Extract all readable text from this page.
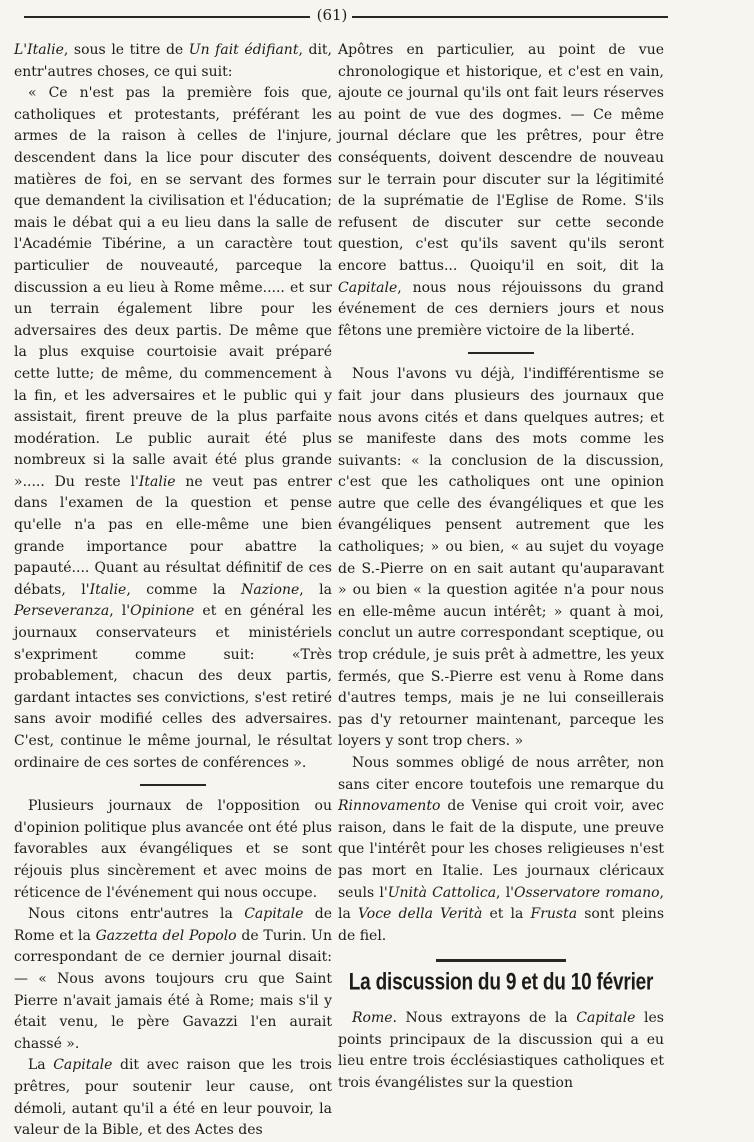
(61)

L'Italie, sous le titre de Un fait édifiant, dit, entr'autres choses, ce qui suit:

« Ce n'est pas la première fois que, catholiques et protestants, préférant les armes de la raison à celles de l'injure, descendent dans la lice pour discuter des matières de foi, en se servant des formes que demandent la civilisation et l'éducation; mais le débat qui a eu lieu dans la salle de l'Académie Tibérine, a un caractère tout particulier de nouveauté, parceque la discussion a eu lieu à Rome même..... et sur un terrain également libre pour les adversaires des deux partis. De même que la plus exquise courtoisie avait préparé cette lutte; de même, du commencement à la fin, et les adversaires et le public qui y assistait, firent preuve de la plus parfaite modération. Le public aurait été plus nombreux si la salle avait été plus grande »..... Du reste l'Italie ne veut pas entrer dans l'examen de la question et pense qu'elle n'a pas en elle-même une bien grande importance pour abattre la papauté.... Quant au résultat définitif de ces débats, l'Italie, comme la Nazione, la Perseveranza, l'Opinione et en général les journaux conservateurs et ministériels s'expriment comme suit: «Très probablement, chacun des deux partis, gardant intactes ses convictions, s'est retiré sans avoir modifié celles des adversaires. C'est, continue le même journal, le résultat ordinaire de ces sortes de conférences ».

Plusieurs journaux de l'opposition ou d'opinion politique plus avancée ont été plus favorables aux évangéliques et se sont réjouis plus sincèrement et avec moins de réticence de l'événement qui nous occupe.

Nous citons entr'autres la Capitale de Rome et la Gazzetta del Popolo de Turin. Un correspondant de ce dernier journal disait: — « Nous avons toujours cru que Saint Pierre n'avait jamais été à Rome; mais s'il y était venu, le père Gavazzi l'en aurait chassé ».

La Capitale dit avec raison que les trois prêtres, pour soutenir leur cause, ont démoli, autant qu'il a été en leur pouvoir, la valeur de la Bible, et des Actes des

Apôtres en particulier, au point de vue chronologique et historique, et c'est en vain, ajoute ce journal qu'ils ont fait leurs réserves au point de vue des dogmes. — Ce même journal déclare que les prêtres, pour être conséquents, doivent descendre de nouveau sur le terrain pour discuter sur la légitimité de la suprématie de l'Eglise de Rome. S'ils refusent de discuter sur cette seconde question, c'est qu'ils savent qu'ils seront encore battus... Quoiqu'il en soit, dit la Capitale, nous nous réjouissons du grand événement de ces derniers jours et nous fêtons une première victoire de la liberté.

Nous l'avons vu déjà, l'indifférentisme se fait jour dans plusieurs des journaux que nous avons cités et dans quelques autres; et se manifeste dans des mots comme les suivants: « la conclusion de la discussion, c'est que les catholiques ont une opinion autre que celle des évangéliques et que les évangéliques pensent autrement que les catholiques; » ou bien, « au sujet du voyage de S.-Pierre on en sait autant qu'auparavant » ou bien « la question agitée n'a pour nous en elle-même aucun intérêt; » quant à moi, conclut un autre correspondant sceptique, ou trop crédule, je suis prêt à admettre, les yeux fermés, que S.-Pierre est venu à Rome dans d'autres temps, mais je ne lui conseillerais pas d'y retourner maintenant, parceque les loyers y sont trop chers. »

Nous sommes obligé de nous arrêter, non sans citer encore toutefois une remarque du Rinnovamento de Venise qui croit voir, avec raison, dans le fait de la dispute, une preuve que l'intérêt pour les choses religieuses n'est pas mort en Italie. Les journaux cléricaux seuls l'Unità Cattolica, l'Osservatore romano, la Voce della Verità et la Frusta sont pleins de fiel.

La discussion du 9 et du 10 février

Rome. Nous extrayons de la Capitale les points principaux de la discussion qui a eu lieu entre trois écclésiastiques catholiques et trois évangélistes sur la question
